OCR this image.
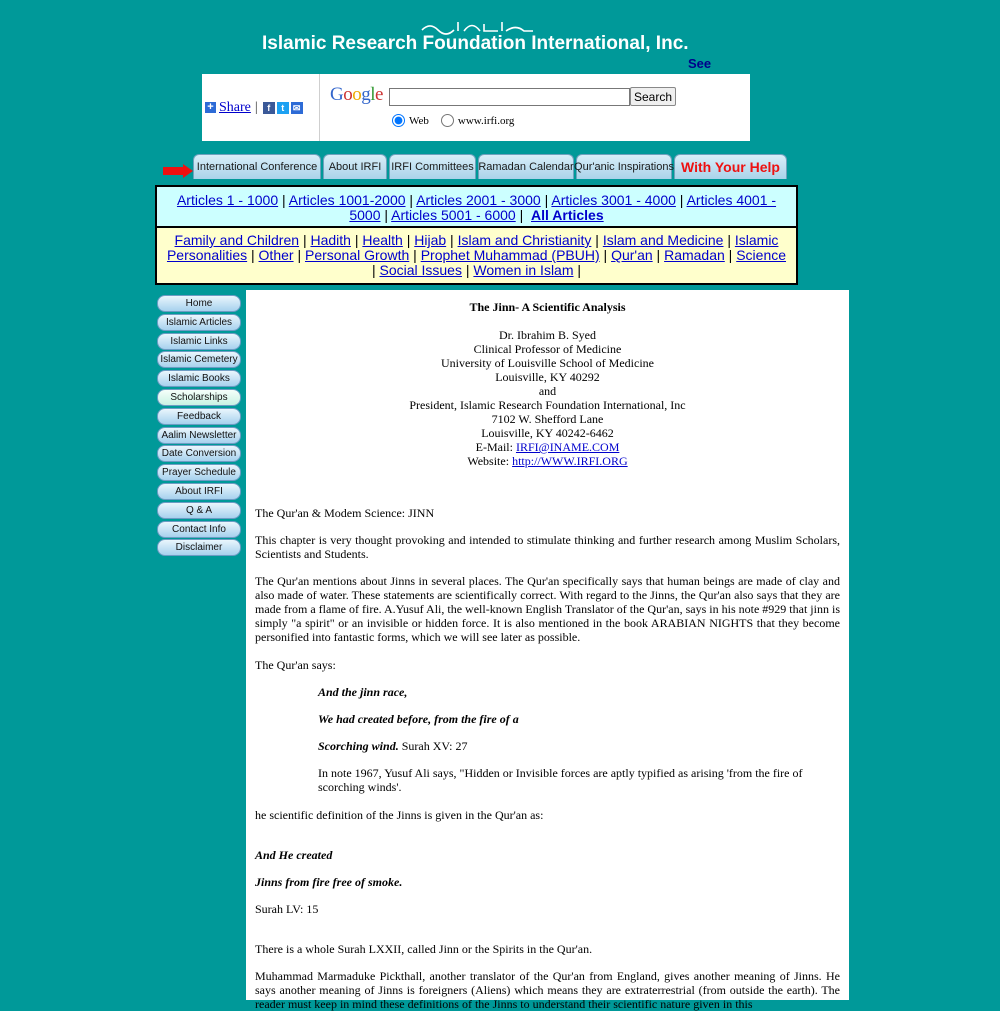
Islamic Research Foundation International, Inc.
See
+ Share |	f	t ✉
Google	Search
Web	www.irfi.org
International Conference	About IRFI IRFI Committees Ramadan Calendar Qur'anic Inspirations With Your Help
Articles 1 - 1000 | Articles 1001-2000 | Articles 2001 - 3000 | Articles 3001 - 4000 | Articles 4001 - 5000 | Articles 5001 - 6000 | All Articles
Family and Children | Hadith | Health | Hijab | Islam and Christianity | Islam and Medicine | Islamic Personalities | Other | Personal Growth | Prophet Muhammad (PBUH) | Qur'an | Ramadan | Science | Social Issues | Women in Islam |
Home
Islamic Articles
Islamic Links
Islamic Cemetery
Islamic Books
Scholarships
Feedback
Aalim Newsletter
Date Conversion
Prayer Schedule
About IRFI
Q & A
Contact Info
Disclaimer
The Jinn- A Scientific Analysis
Dr. Ibrahim B. Syed
Clinical Professor of Medicine
University of Louisville School of Medicine
Louisville, KY 40292
and
President, Islamic Research Foundation International, Inc
7102 W. Shefford Lane
Louisville, KY 40242-6462
E-Mail: IRFI@INAME.COM
Website: http://WWW.IRFI.ORG

The Qur'an & Modem Science: JINN

This chapter is very thought provoking and intended to stimulate thinking and further research among Muslim Scholars, Scientists and Students.

The Qur'an mentions about Jinns in several places. The Qur'an specifically says that human beings are made of clay and also made of water. These statements are scientifically correct. With regard to the Jinns, the Qur'an also says that they are made from a flame of fire. A.Yusuf Ali, the well-known English Translator of the Qur'an, says in his note #929 that jinn is simply "a spirit" or an invisible or hidden force. It is also mentioned in the book ARABIAN NIGHTS that they become personified into fantastic forms, which we will see later as possible.

The Qur'an says:

And the jinn race,

We had created before, from the fire of a

Scorching wind. Surah XV: 27

In note 1967, Yusuf Ali says, "Hidden or Invisible forces are aptly typified as arising 'from the fire of scorching winds'.

he scientific definition of the Jinns is given in the Qur'an as:

And He created

Jinns from fire free of smoke.

Surah LV: 15

There is a whole Surah LXXII, called Jinn or the Spirits in the Qur'an.

Muhammad Marmaduke Pickthall, another translator of the Qur'an from England, gives another meaning of Jinns. He says another meaning of Jinns is foreigners (Aliens) which means they are extraterrestrial (from outside the earth). The reader must keep in mind these definitions of the Jinns to understand their scientific nature given in this
